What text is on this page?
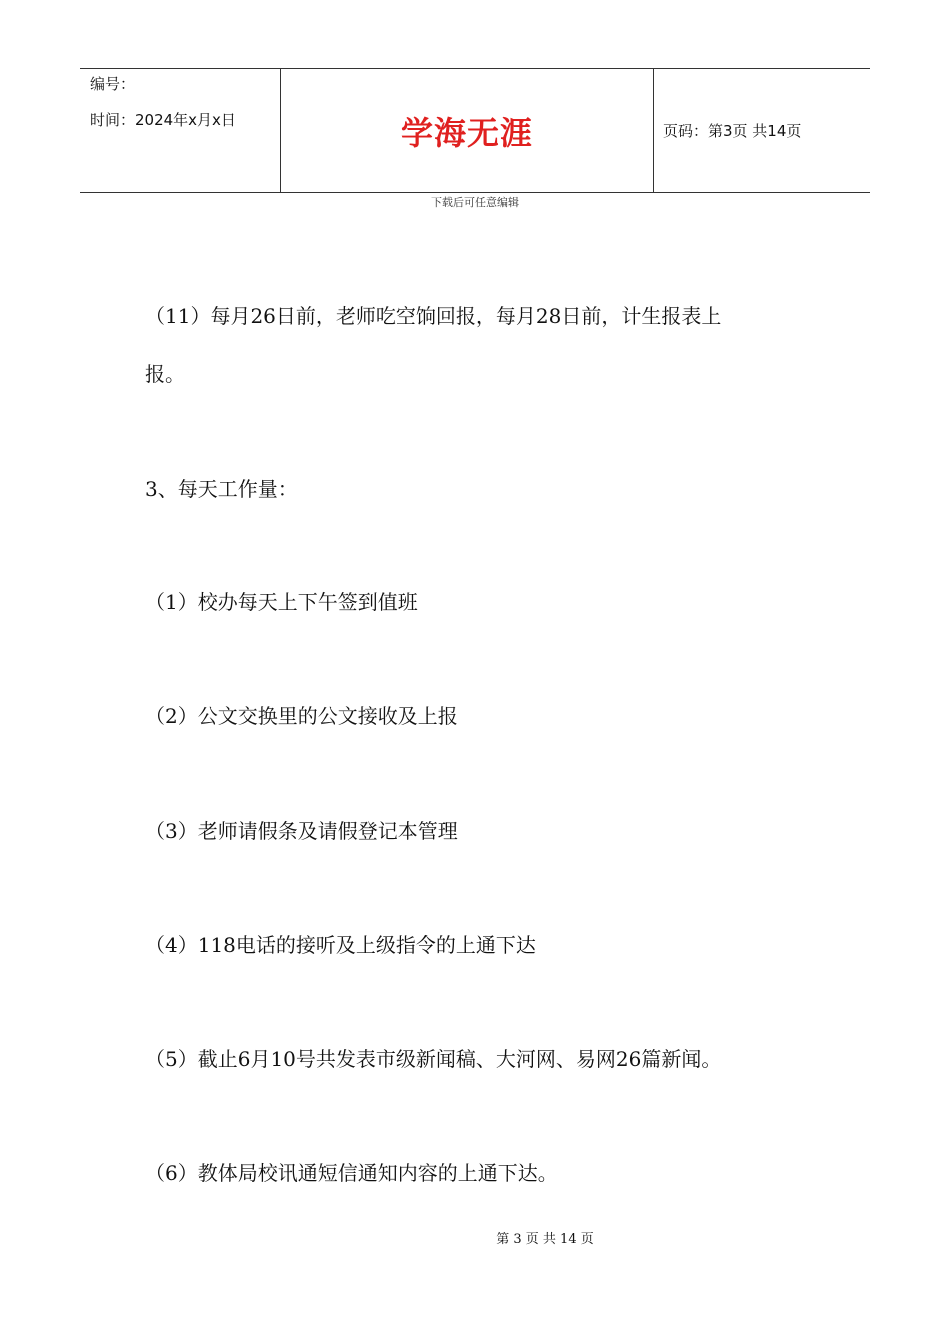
编号：
时间：2024年x月x日	学海无涯	页码：第3页 共14页
下载后可任意编辑
（11）每月26日前，老师吃空饷回报，每月28日前，计生报表上
报。
3、每天工作量：
（1）校办每天上下午签到值班
（2）公文交换里的公文接收及上报
（3）老师请假条及请假登记本管理
（4）118电话的接听及上级指令的上通下达
（5）截止6月10号共发表市级新闻稿、大河网、易网26篇新闻。
（6）教体局校讯通短信通知内容的上通下达。
第 3 页 共 14 页
